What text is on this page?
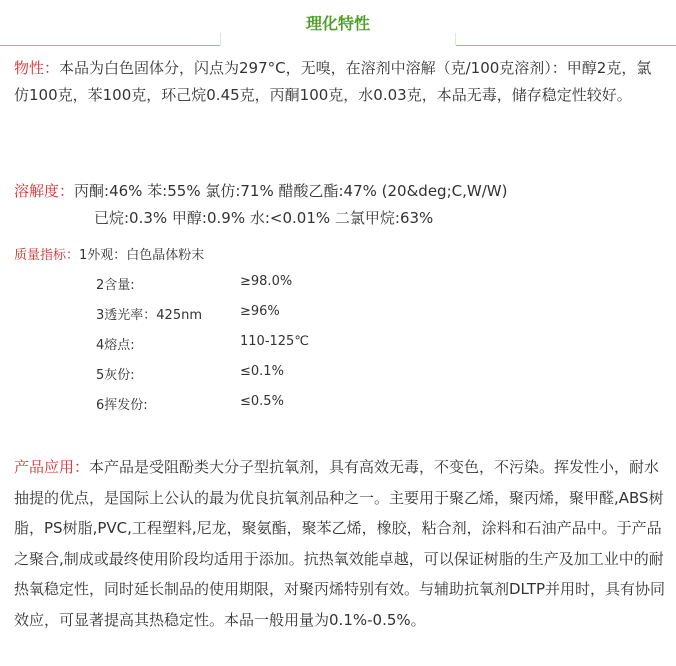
理化特性
物性：本品为白色固体分，闪点为297°C，无嗅，在溶剂中溶解（克/100克溶剂）：甲醇2克，氯仿100克，苯100克，环己烷0.45克，丙酮100克，水0.03克，本品无毒，储存稳定性较好。
溶解度：丙酮:46% 苯:55% 氯仿:71% 醋酸乙酯:47% (20&deg;C,W/W)
已烷:0.3% 甲醇:0.9% 水:<0.01% 二氯甲烷:63%
质量指标：1外观：白色晶体粉末
2含量:	≥98.0%
3透光率：425nm	≥96%
4熔点:	110-125℃
5灰份:	≤0.1%
6挥发份:	≤0.5%
产品应用：本产品是受阻酚类大分子型抗氧剂，具有高效无毒，不变色，不污染。挥发性小，耐水抽提的优点，是国际上公认的最为优良抗氧剂品种之一。主要用于聚乙烯，聚丙烯，聚甲醛,ABS树脂，PS树脂,PVC,工程塑料,尼龙，聚氨酯，聚苯乙烯，橡胶，粘合剂，涂料和石油产品中。于产品之聚合,制成或最终使用阶段均适用于添加。抗热氧效能卓越，可以保证树脂的生产及加工业中的耐热氧稳定性，同时延长制品的使用期限，对聚丙烯特别有效。与辅助抗氧剂DLTP并用时，具有协同效应，可显著提高其热稳定性。本品一般用量为0.1%-0.5%。
